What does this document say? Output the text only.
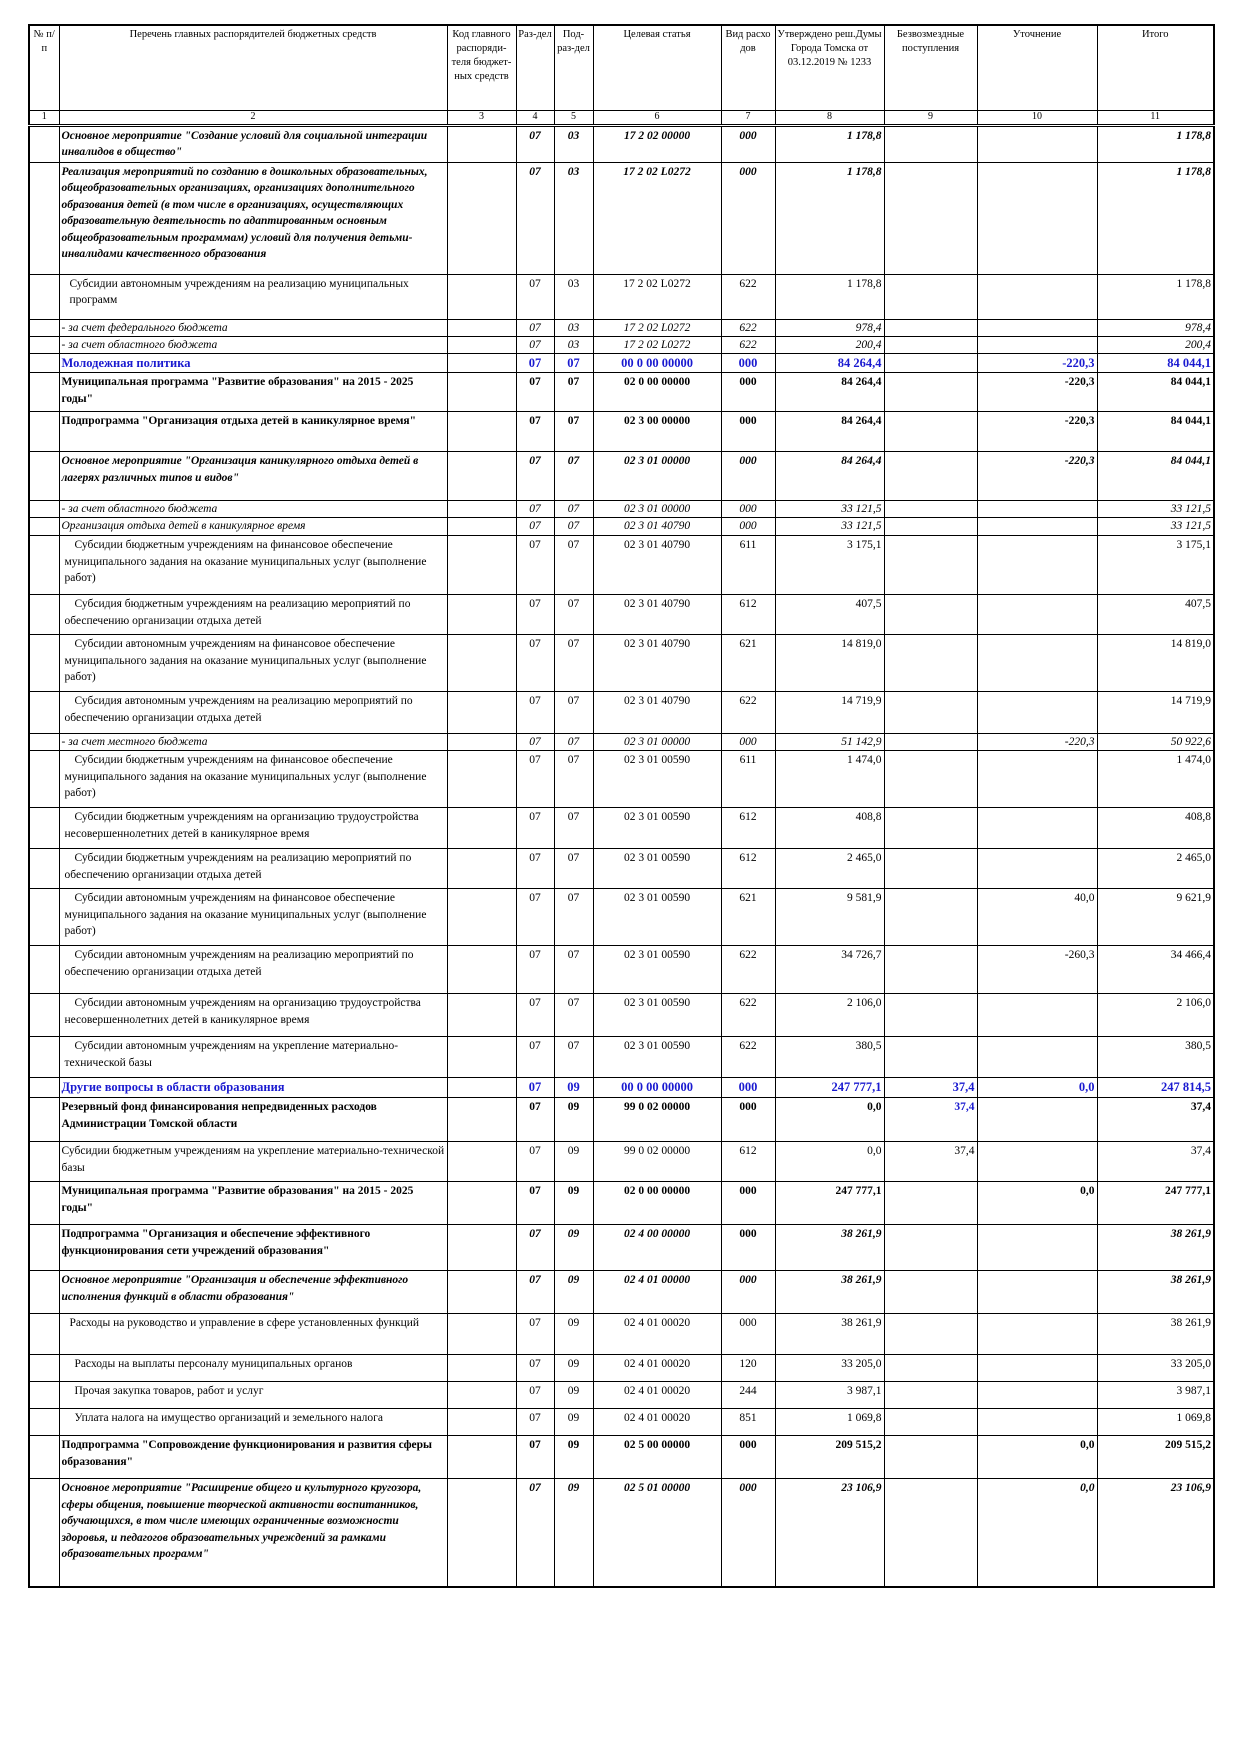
№ п/п	Перечень главных распорядителей бюджетных средств	Код главного распоряди-теля бюджет-ных средств	Раз-дел	Под-раз-дел	Целевая статья	Вид расхо дов	Утверждено реш.Думы Города Томска от 03.12.2019 № 1233	Безвозмездные поступления	Уточнение	Итого
1	2	3	4	5	6	7	8	9	10	11
	Основное мероприятие "Создание условий для социальной интеграции инвалидов в общество"		07	03	17 2 02 00000	000	1 178,8			1 178,8
	Реализация мероприятий по созданию в дошкольных образовательных, общеобразовательных организациях, организациях дополнительного образования детей (в том числе в организациях, осуществляющих образовательную деятельность по адаптированным основным общеобразовательным программам) условий для получения детьми-инвалидами качественного образования		07	03	17 2 02 L0272	000	1 178,8			1 178,8
	Субсидии автономным учреждениям на реализацию муниципальных программ		07	03	17 2 02 L0272	622	1 178,8			1 178,8
	- за счет федерального бюджета		07	03	17 2 02 L0272	622	978,4			978,4
	- за счет областного бюджета		07	03	17 2 02 L0272	622	200,4			200,4
	Молодежная политика		07	07	00 0 00 00000	000	84 264,4		-220,3	84 044,1
	Муниципальная программа "Развитие образования" на 2015 - 2025 годы"		07	07	02 0 00 00000	000	84 264,4		-220,3	84 044,1
	Подпрограмма "Организация отдыха детей в каникулярное время"		07	07	02 3 00 00000	000	84 264,4		-220,3	84 044,1
	Основное мероприятие "Организация каникулярного отдыха детей в лагерях различных типов и видов"		07	07	02 3 01 00000	000	84 264,4		-220,3	84 044,1
	- за счет областного бюджета		07	07	02 3 01 00000	000	33 121,5			33 121,5
	Организация отдыха детей в каникулярное время		07	07	02 3 01 40790	000	33 121,5			33 121,5
	Субсидии бюджетным учреждениям на финансовое обеспечение муниципального задания на оказание муниципальных услуг (выполнение работ)		07	07	02 3 01 40790	611	3 175,1			3 175,1
	Субсидия бюджетным учреждениям на реализацию мероприятий по обеспечению организации отдыха детей		07	07	02 3 01 40790	612	407,5			407,5
	Субсидии автономным учреждениям на финансовое обеспечение муниципального задания на оказание муниципальных услуг (выполнение работ)		07	07	02 3 01 40790	621	14 819,0			14 819,0
	Субсидия автономным учреждениям на реализацию мероприятий по обеспечению организации отдыха детей		07	07	02 3 01 40790	622	14 719,9			14 719,9
	- за счет местного бюджета		07	07	02 3 01 00000	000	51 142,9		-220,3	50 922,6
	Субсидии бюджетным учреждениям на финансовое обеспечение муниципального задания на оказание муниципальных услуг (выполнение работ)		07	07	02 3 01 00590	611	1 474,0			1 474,0
	Субсидии бюджетным учреждениям на организацию трудоустройства несовершеннолетних детей в каникулярное время		07	07	02 3 01 00590	612	408,8			408,8
	Субсидии бюджетным учреждениям на реализацию мероприятий по обеспечению организации отдыха детей		07	07	02 3 01 00590	612	2 465,0			2 465,0
	Субсидии автономным учреждениям на финансовое обеспечение муниципального задания на оказание муниципальных услуг (выполнение работ)		07	07	02 3 01 00590	621	9 581,9		40,0	9 621,9
	Субсидии автономным учреждениям на реализацию мероприятий по обеспечению организации отдыха детей		07	07	02 3 01 00590	622	34 726,7		-260,3	34 466,4
	Субсидии автономным учреждениям на организацию трудоустройства несовершеннолетних детей в каникулярное время		07	07	02 3 01 00590	622	2 106,0			2 106,0
	Субсидии автономным учреждениям на укрепление материально-технической базы		07	07	02 3 01 00590	622	380,5			380,5
	Другие вопросы в области образования		07	09	00 0 00 00000	000	247 777,1	37,4	0,0	247 814,5
	Резервный фонд финансирования непредвиденных расходов Администрации Томской области		07	09	99 0 02 00000	000	0,0	37,4		37,4
	Субсидии бюджетным учреждениям на укрепление материально-технической базы		07	09	99 0 02 00000	612	0,0	37,4		37,4
	Муниципальная программа "Развитие образования" на 2015 - 2025 годы"		07	09	02 0 00 00000	000	247 777,1		0,0	247 777,1
	Подпрограмма "Организация и обеспечение эффективного функционирования сети учреждений образования"		07	09	02 4 00 00000	000	38 261,9			38 261,9
	Основное мероприятие "Организация и обеспечение эффективного исполнения функций в области образования"		07	09	02 4 01 00000	000	38 261,9			38 261,9
	Расходы на руководство и управление в сфере установленных функций		07	09	02 4 01 00020	000	38 261,9			38 261,9
	Расходы на выплаты персоналу муниципальных органов		07	09	02 4 01 00020	120	33 205,0			33 205,0
	Прочая закупка товаров, работ и услуг		07	09	02 4 01 00020	244	3 987,1			3 987,1
	Уплата налога на имущество организаций и земельного налога		07	09	02 4 01 00020	851	1 069,8			1 069,8
	Подпрограмма "Сопровождение функционирования и развития сферы образования"		07	09	02 5 00 00000	000	209 515,2		0,0	209 515,2
	Основное мероприятие "Расширение общего и культурного кругозора, сферы общения, повышение творческой активности воспитанников, обучающихся, в том числе имеющих ограниченные возможности здоровья, и педагогов образовательных учреждений за рамками образовательных программ"		07	09	02 5 01 00000	000	23 106,9		0,0	23 106,9
